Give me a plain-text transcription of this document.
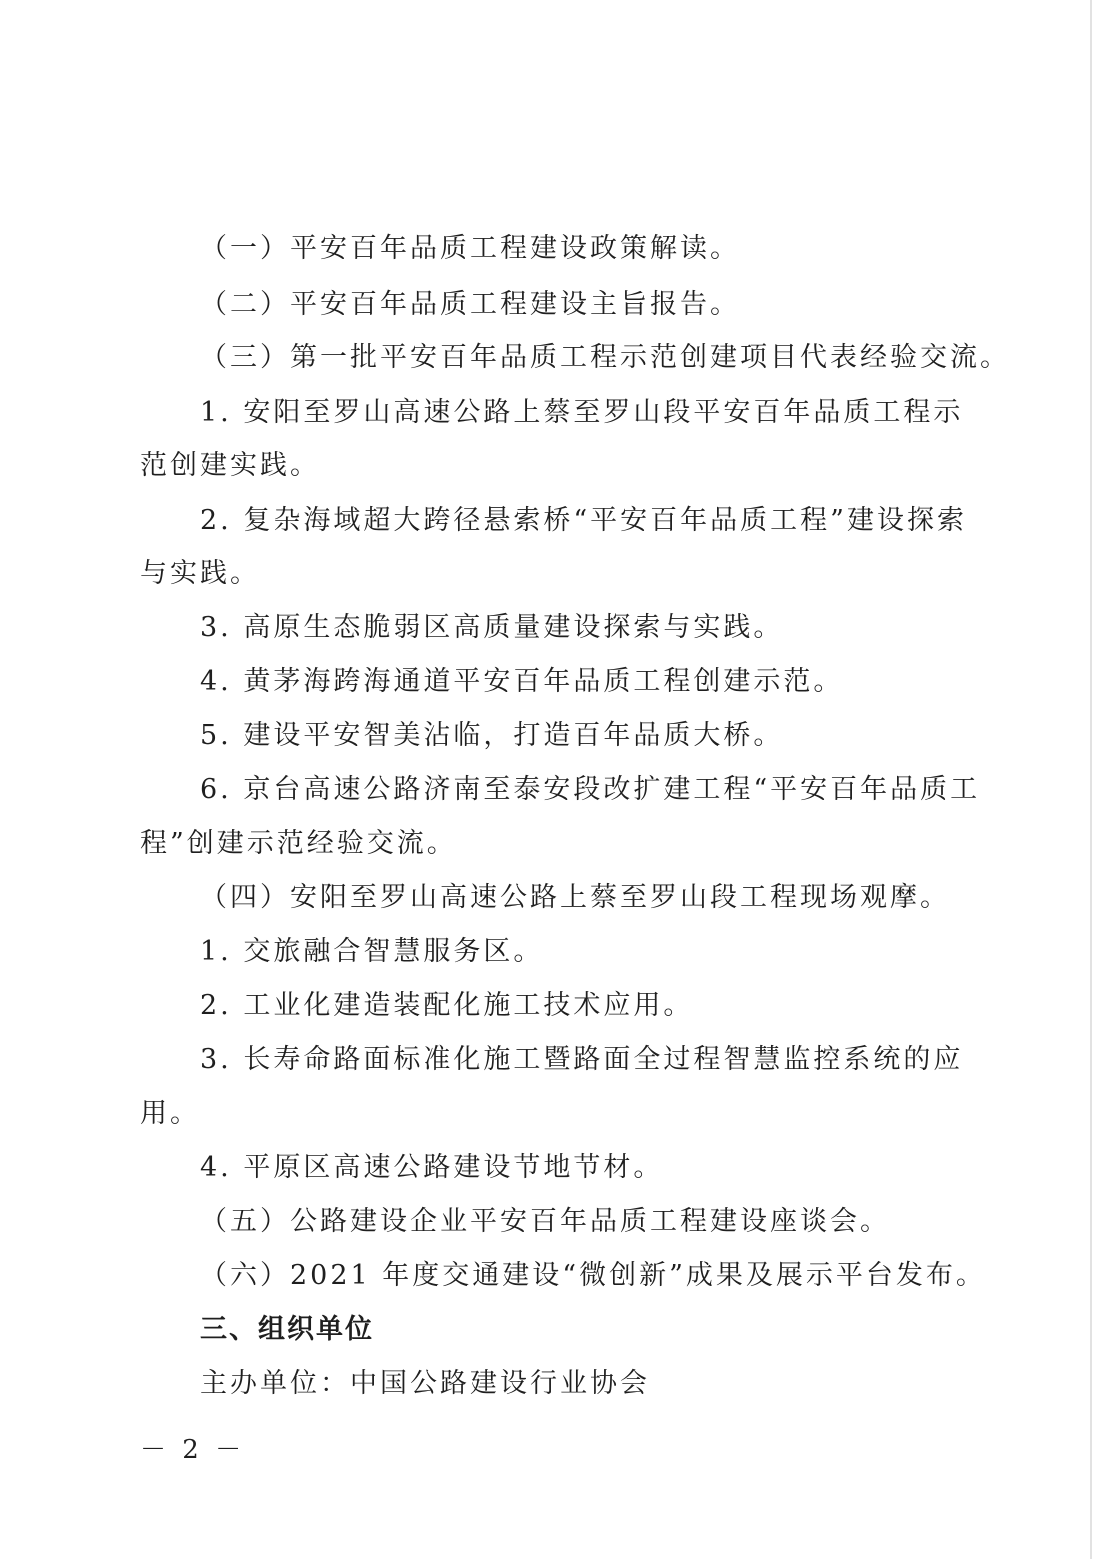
（一）平安百年品质工程建设政策解读。
（二）平安百年品质工程建设主旨报告。
（三）第一批平安百年品质工程示范创建项目代表经验交流。
1. 安阳至罗山高速公路上蔡至罗山段平安百年品质工程示
范创建实践。
2. 复杂海域超大跨径悬索桥“平安百年品质工程”建设探索
与实践。
3. 高原生态脆弱区高质量建设探索与实践。
4. 黄茅海跨海通道平安百年品质工程创建示范。
5. 建设平安智美沾临，打造百年品质大桥。
6. 京台高速公路济南至泰安段改扩建工程“平安百年品质工
程”创建示范经验交流。
（四）安阳至罗山高速公路上蔡至罗山段工程现场观摩。
1. 交旅融合智慧服务区。
2. 工业化建造装配化施工技术应用。
3. 长寿命路面标准化施工暨路面全过程智慧监控系统的应
用。
4. 平原区高速公路建设节地节材。
（五）公路建设企业平安百年品质工程建设座谈会。
（六）2021 年度交通建设“微创新”成果及展示平台发布。
三、组织单位
主办单位：中国公路建设行业协会
－ 2 －
